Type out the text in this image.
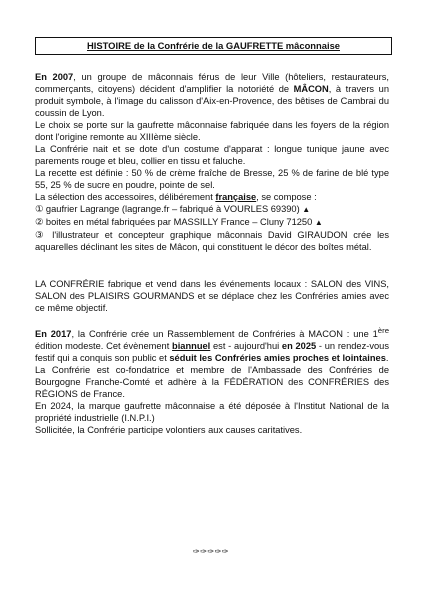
HISTOIRE de la Confrérie de la GAUFRETTE mâconnaise

En 2007, un groupe de mâconnais férus de leur Ville (hôteliers, restaurateurs, commerçants, citoyens) décident d'amplifier la notoriété de MÂCON, à travers un produit symbole, à l'image du calisson d'Aix-en-Provence, des bêtises de Cambrai du coussin de Lyon.

Le choix se porte sur la gaufrette mâconnaise fabriquée dans les foyers de la région dont l'origine remonte au XIIIème siècle.

La Confrérie nait et se dote d'un costume d'apparat : longue tunique jaune avec parements rouge et bleu, collier en tissu et faluche.

La recette est définie : 50 % de crème fraîche de Bresse, 25 % de farine de blé type 55, 25 % de sucre en poudre, pointe de sel.

La sélection des accessoires, délibérement française, se compose :

① gaufrier Lagrange (lagrange.fr – fabriqué à VOURLES 69390) ▲

② boites en métal fabriquées par MASSILLY France – Cluny 71250 ▲

③ l'illustrateur et concepteur graphique mâconnais David GIRAUDON crée les aquarelles déclinant les sites de Mâcon, qui constituent le décor des boîtes métal.

LA CONFRÉRIE fabrique et vend dans les événements locaux : SALON des VINS, SALON des PLAISIRS GOURMANDS et se déplace chez les Confréries amies avec ce même objectif.

En 2017, la Confrérie crée un Rassemblement de Confréries à MACON : une 1ère édition modeste. Cet évènement biannuel est - aujourd'hui en 2025 - un rendez-vous festif qui a conquis son public et séduit les Confréries amies proches et lointaines.

La Confrérie est co-fondatrice et membre de l'Ambassade des Confréries de Bourgogne Franche-Comté et adhère à la FÉDÉRATION des CONFRÉRIES des RÉGIONS de France.

En 2024, la marque gaufrette mâconnaise a été déposée à l'Institut National de la propriété industrielle (I.N.P.I.)

Sollicitée, la Confrérie participe volontiers aux causes caritatives.

✑✑✑✑✑
